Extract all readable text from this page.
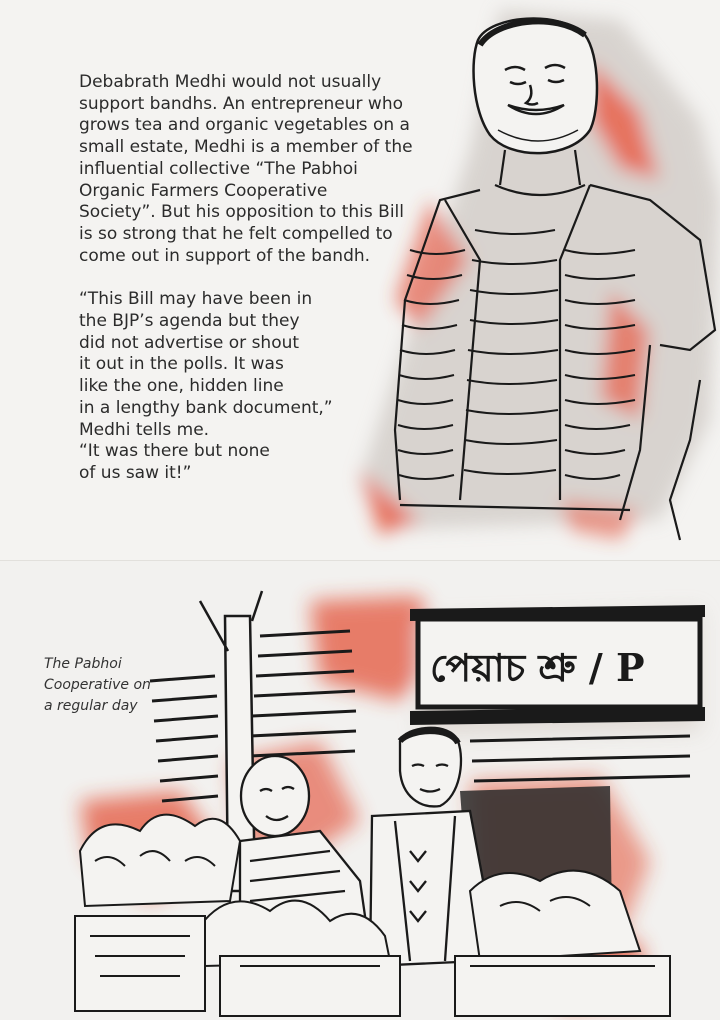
Debabrath Medhi would not usually
support bandhs. An entrepreneur who
grows tea and organic vegetables on a
small estate, Medhi is a member of the
influential collective “The Pabhoi
Organic Farmers Cooperative
Society”. But his opposition to this Bill
is so strong that he felt compelled to
come out in support of the bandh.

“This Bill may have been in
the BJP’s agenda but they
did not advertise or shout
it out in the polls. It was
like the one, hidden line
in a lengthy bank document,”
Medhi tells me.
“It was there but none
of us saw it!”

পেয়াচ শ্রু / P
The Pabhoi
Cooperative on
a regular day
